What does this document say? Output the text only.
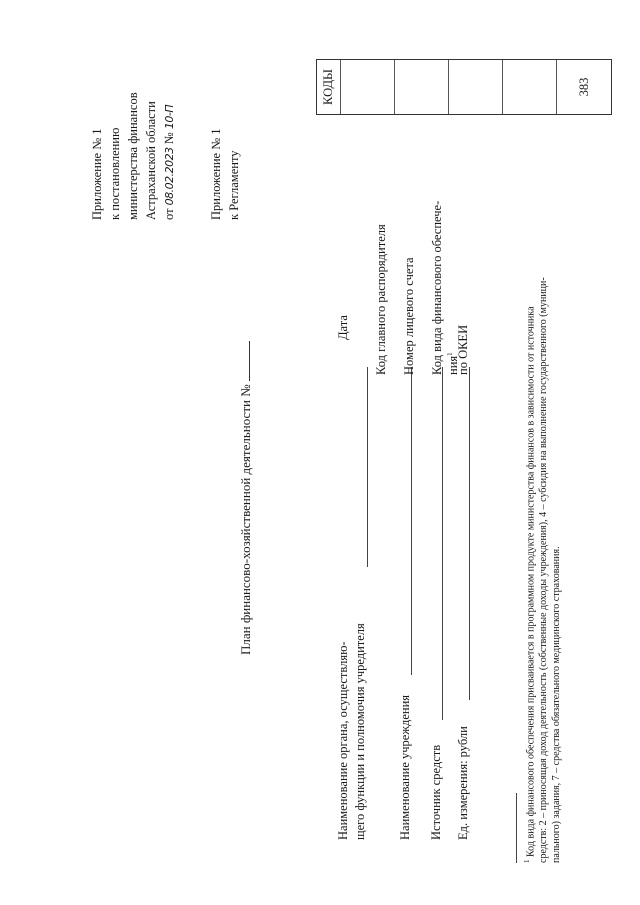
Приложение № 1 к постановлению министерства финансов Астраханской области от 08.02.2023 № 10-П
Приложение № 1 к Регламенту
План финансово-хозяйственной деятельности №
Наименование органа, осуществляю- щего функции и полномочия учредителя Наименование учреждения Источник средств Ед. измерения: рубли
Дата Код главного распорядителя Номер лицевого счета Код вида финансового обеспече- ния$^1$ по ОКЕИ
КОДЫ	383

$^1$ Код вида финансового обеспечения присваивается в программном продукте министерства финансов в зависимости от источника средств: 2 – приносящая доход деятельность (собственные доходы учреждения), 4 – субсидия на выполнение государственного (муници- пального) задания, 7 – средства обязательного медицинского страхования.
